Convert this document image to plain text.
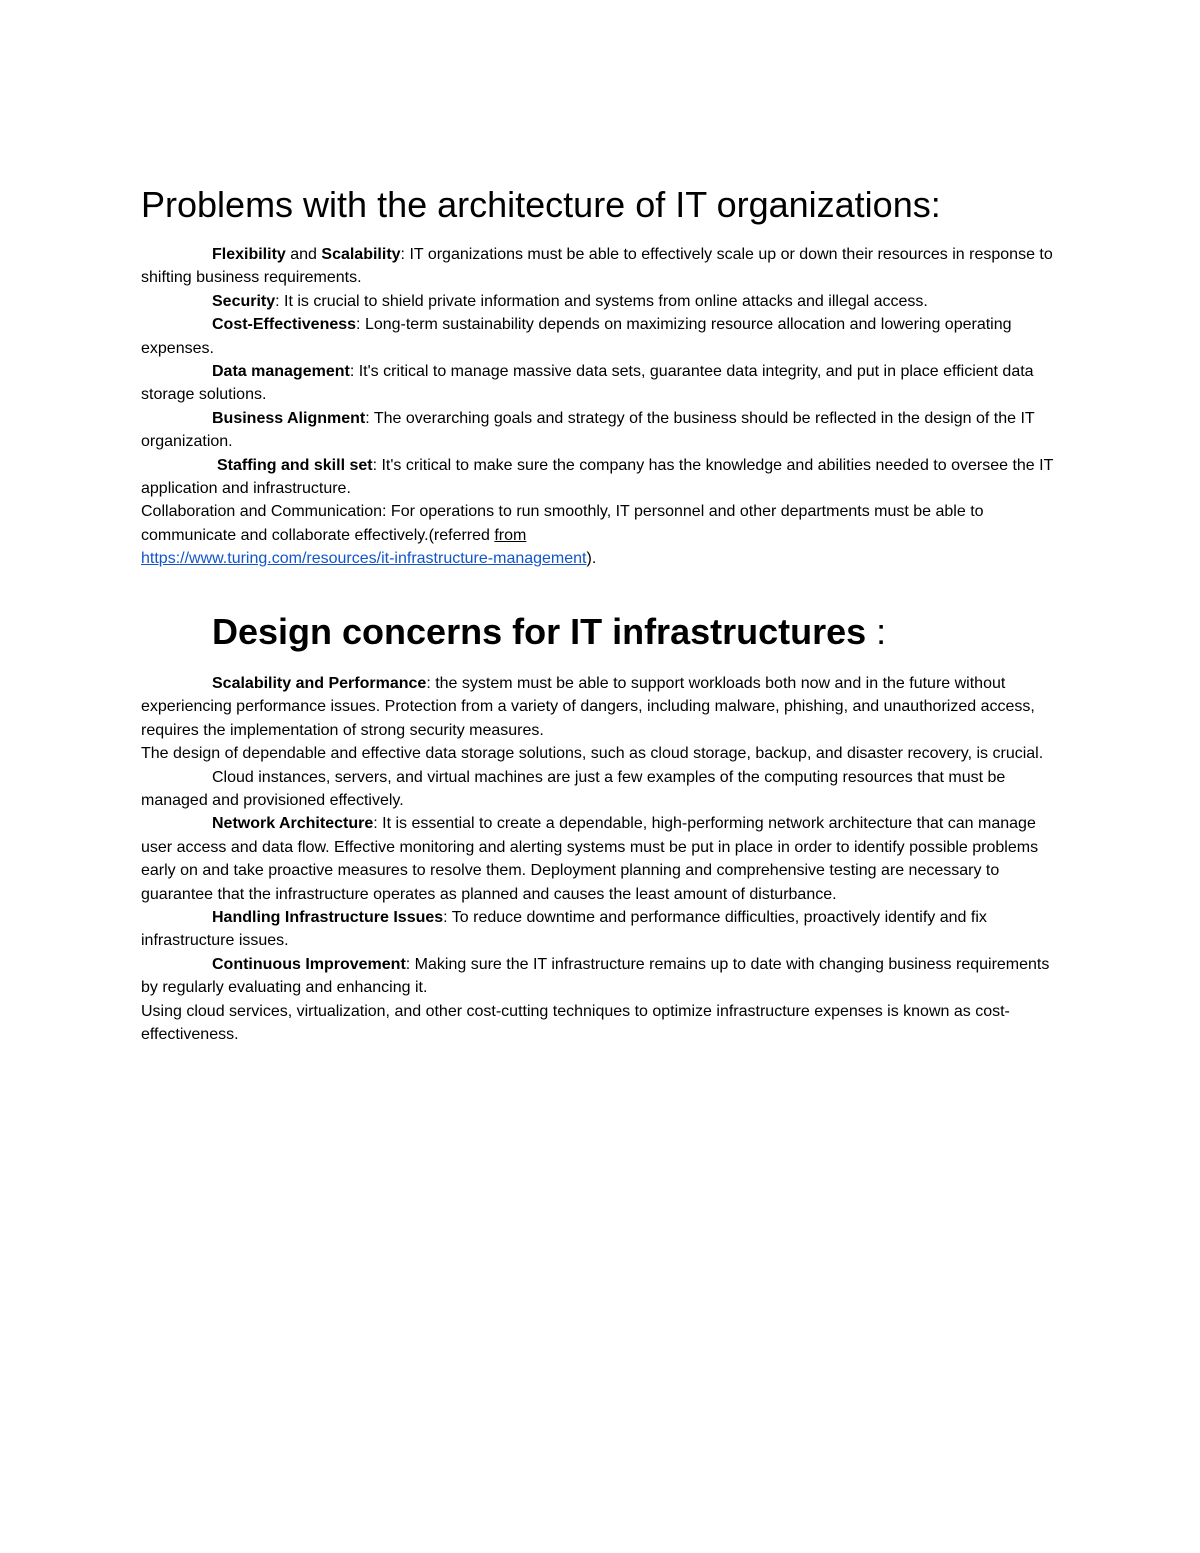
Problems with the architecture of IT organizations:

Flexibility and Scalability: IT organizations must be able to effectively scale up or down their resources in response to shifting business requirements.

Security: It is crucial to shield private information and systems from online attacks and illegal access.

Cost-Effectiveness: Long-term sustainability depends on maximizing resource allocation and lowering operating expenses.

Data management: It's critical to manage massive data sets, guarantee data integrity, and put in place efficient data storage solutions.

Business Alignment: The overarching goals and strategy of the business should be reflected in the design of the IT organization.

Staffing and skill set: It's critical to make sure the company has the knowledge and abilities needed to oversee the IT application and infrastructure.

Collaboration and Communication: For operations to run smoothly, IT personnel and other departments must be able to communicate and collaborate effectively.(referred from
https://www.turing.com/resources/it-infrastructure-management).

Design concerns for IT infrastructures :

Scalability and Performance: the system must be able to support workloads both now and in the future without experiencing performance issues. Protection from a variety of dangers, including malware, phishing, and unauthorized access, requires the implementation of strong security measures.

The design of dependable and effective data storage solutions, such as cloud storage, backup, and disaster recovery, is crucial.

Cloud instances, servers, and virtual machines are just a few examples of the computing resources that must be managed and provisioned effectively.

Network Architecture: It is essential to create a dependable, high-performing network architecture that can manage user access and data flow. Effective monitoring and alerting systems must be put in place in order to identify possible problems early on and take proactive measures to resolve them. Deployment planning and comprehensive testing are necessary to guarantee that the infrastructure operates as planned and causes the least amount of disturbance.

Handling Infrastructure Issues: To reduce downtime and performance difficulties, proactively identify and fix infrastructure issues.

Continuous Improvement: Making sure the IT infrastructure remains up to date with changing business requirements by regularly evaluating and enhancing it.

Using cloud services, virtualization, and other cost-cutting techniques to optimize infrastructure expenses is known as cost-effectiveness.
